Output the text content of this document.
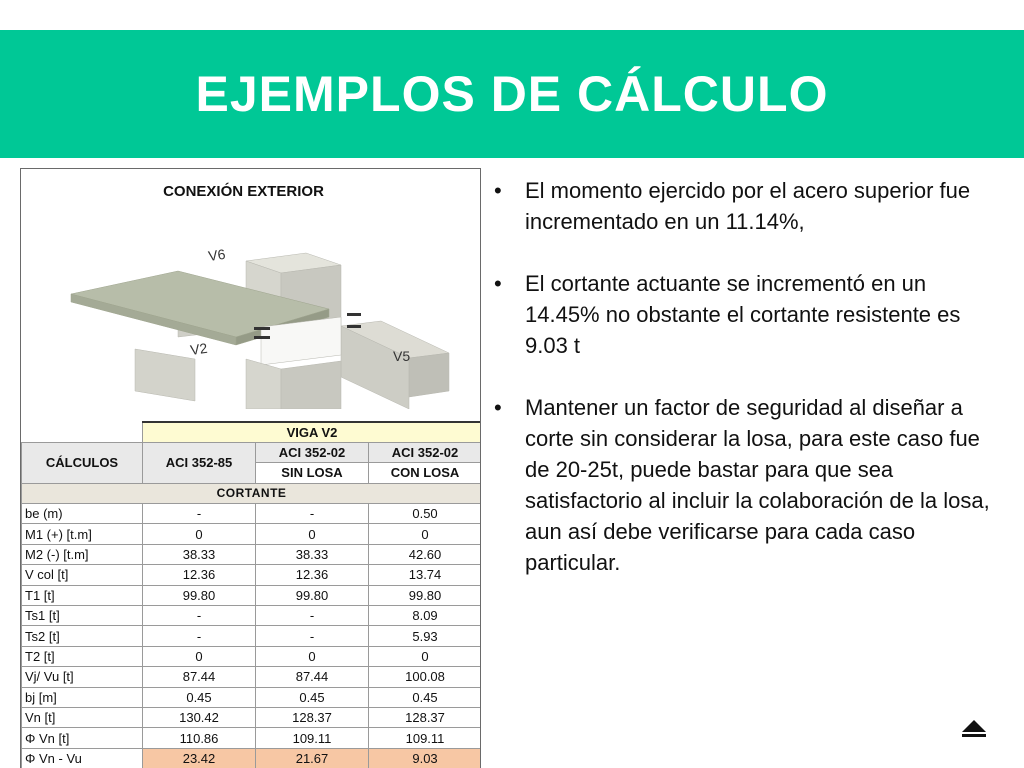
EJEMPLOS DE CÁLCULO
CONEXIÓN EXTERIOR
V6
V2	V5
	VIGA V2		
CÁLCULOS	ACI 352-85	ACI 352-02	ACI 352-02
		SIN LOSA	CON LOSA
CORTANTE			
be (m)	-	-	0.50
M1 (+) [t.m]	0	0	0
M2 (-) [t.m]	38.33	38.33	42.60
V col [t]	12.36	12.36	13.74
T1 [t]	99.80	99.80	99.80
Ts1 [t]	-	-	8.09
Ts2 [t]	-	-	5.93
T2 [t]	0	0	0
Vj/ Vu [t]	87.44	87.44	100.08
bj [m]	0.45	0.45	0.45
Vn [t]	130.42	128.37	128.37
Φ Vn [t]	110.86	109.11	109.11
Φ Vn - Vu	23.42	21.67	9.03
• El momento ejercido por el acero superior fue incrementado en un 11.14%,
• El cortante actuante se incrementó en un 14.45% no obstante el cortante resistente es 9.03 t
• Mantener un factor de seguridad al diseñar a corte sin considerar la losa, para este caso fue de 20-25t, puede bastar para que sea satisfactorio al incluir la colaboración de la losa, aun así debe verificarse para cada caso particular.
